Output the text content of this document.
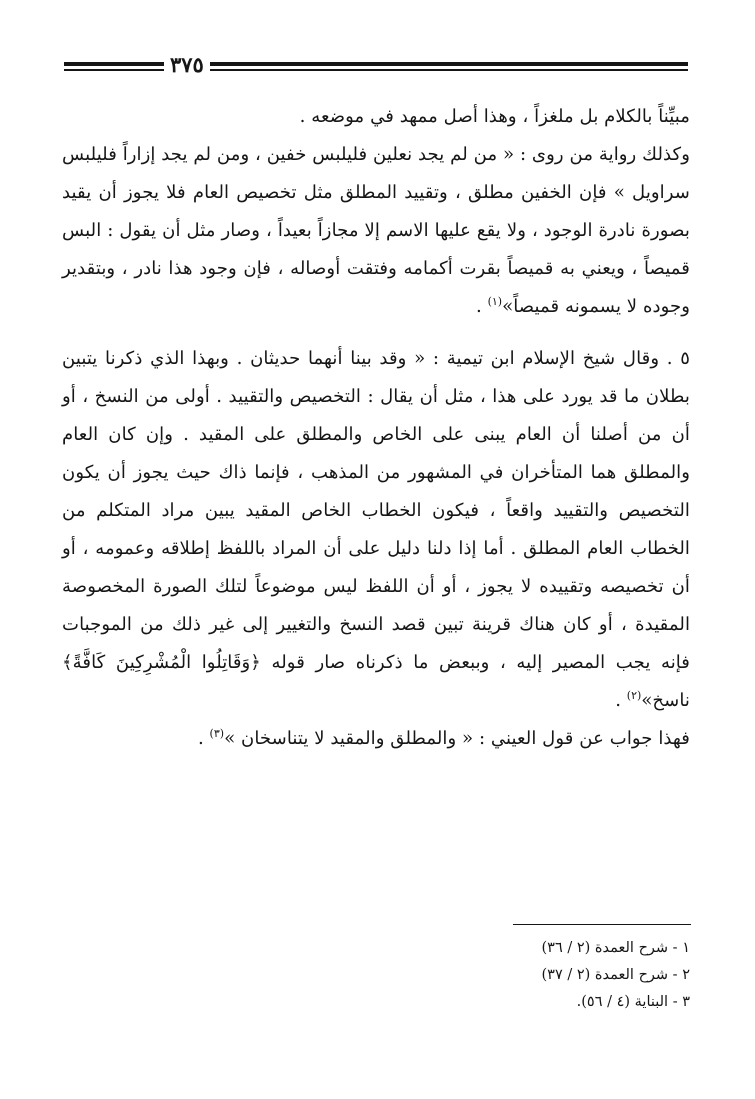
٣٧٥

مبيِّناً بالكلام بل ملغزاً ، وهذا أصل ممهد في موضعه .

وكذلك رواية من روى : « من لم يجد نعلين فليلبس خفين ، ومن لم يجد إزاراً فليلبس سراويل » فإن الخفين مطلق ، وتقييد المطلق مثل تخصيص العام فلا يجوز أن يقيد بصورة نادرة الوجود ، ولا يقع عليها الاسم إلا مجازاً بعيداً ، وصار مثل أن يقول : البس قميصاً ، ويعني به قميصاً بقرت أكمامه وفتقت أوصاله ، فإن وجود هذا نادر ، وبتقدير وجوده لا يسمونه قميصاً»$^{(١)}$ .

٥ . وقال شيخ الإسلام ابن تيمية : « وقد بينا أنهما حديثان . وبهذا الذي ذكرنا يتبين بطلان ما قد يورد على هذا ، مثل أن يقال : التخصيص والتقييد . أولى من النسخ ، أو أن من أصلنا أن العام يبنى على الخاص والمطلق على المقيد . وإن كان العام والمطلق هما المتأخران في المشهور من المذهب ، فإنما ذاك حيث يجوز أن يكون التخصيص والتقييد واقعاً ، فيكون الخطاب الخاص المقيد يبين مراد المتكلم من الخطاب العام المطلق . أما إذا دلنا دليل على أن المراد باللفظ إطلاقه وعمومه ، أو أن تخصيصه وتقييده لا يجوز ، أو أن اللفظ ليس موضوعاً لتلك الصورة المخصوصة المقيدة ، أو كان هناك قرينة تبين قصد النسخ والتغيير إلى غير ذلك من الموجبات فإنه يجب المصير إليه ، وببعض ما ذكرناه صار قوله ﴿وَقَاتِلُوا الْمُشْرِكِينَ كَافَّةً﴾ ناسخ»$^{(٢)}$ .

فهذا جواب عن قول العيني : « والمطلق والمقيد لا يتناسخان »$^{(٣)}$ .

١ - شرح العمدة (٢ / ٣٦)
٢ - شرح العمدة (٢ / ٣٧)
٣ - البناية (٤ / ٥٦).
